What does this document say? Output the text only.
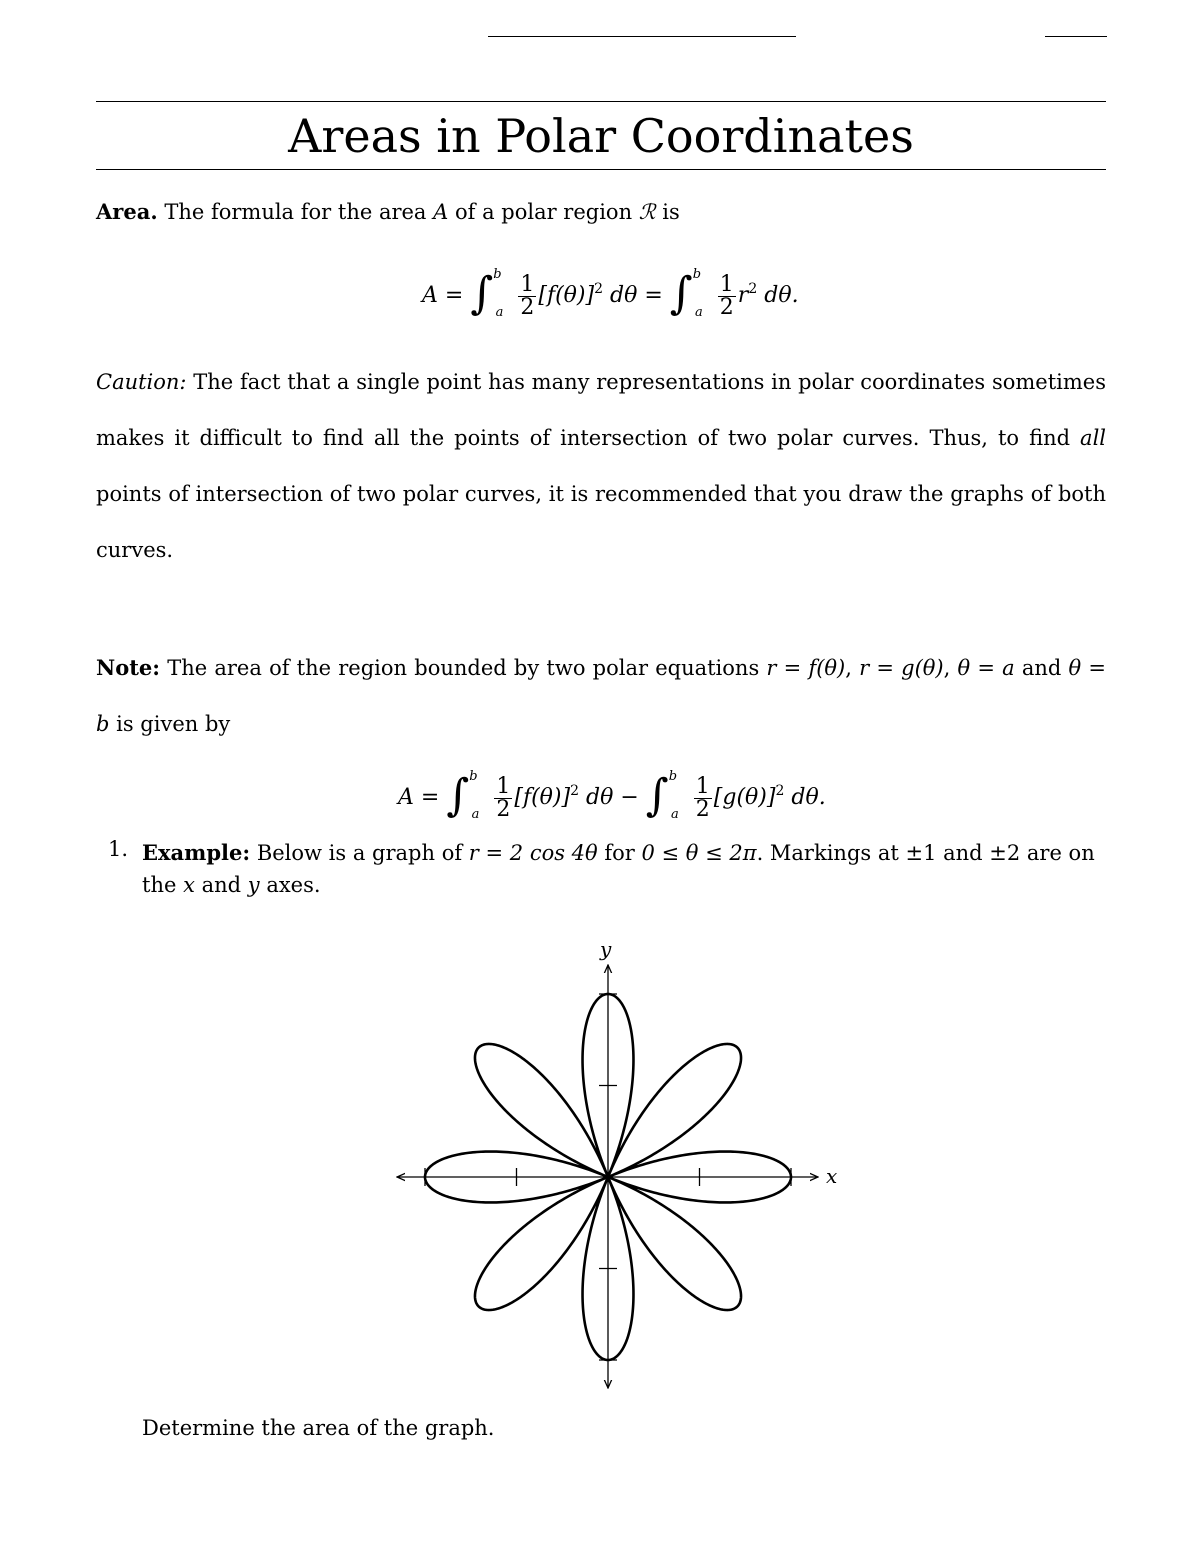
Areas in Polar Coordinates
Area. The formula for the area A of a polar region ℛ is
$A = \int^b_a \frac{1}{2} [f(\theta)]^2$ $d\theta = \int^b_a \frac{1}{2} r^2$ dθ.
Caution: The fact that a single point has many representations in polar coordinates sometimes makes it difficult to find all the points of intersection of two polar curves. Thus, to find all points of intersection of two polar curves, it is recommended that you draw the graphs of both curves.
Note: The area of the region bounded by two polar equations r = f(θ), r = g(θ), θ = a and θ = b is given by
$A = \int^b_a \frac{1}{2} [f(\theta)]^2$ $d\theta - \int^b_a \frac{1}{2} [g(\theta)]^2$ dθ.
1. Example: Below is a graph of r = 2 cos 4θ for 0 ≤ θ ≤ 2π. Markings at ±1 and ±2 are on the x and y axes.
x
y
Determine the area of the graph.
